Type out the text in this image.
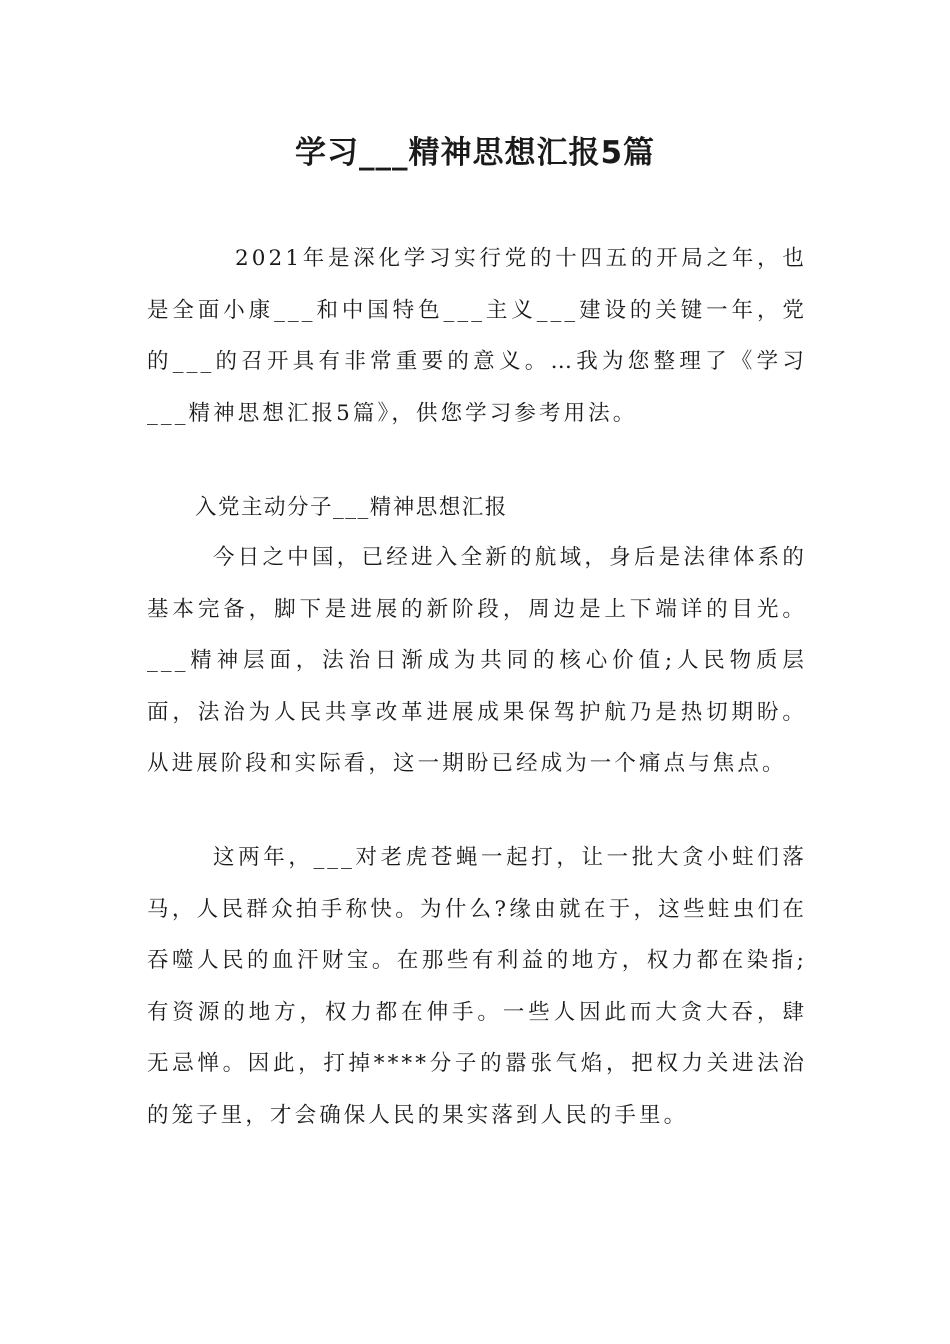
学习___精神思想汇报5篇

2021年是深化学习实行党的十四五的开局之年，也是全面小康___和中国特色___主义___建设的关键一年，党的___的召开具有非常重要的意义。…我为您整理了《学习___精神思想汇报5篇》，供您学习参考用法。

入党主动分子___精神思想汇报

今日之中国，已经进入全新的航域，身后是法律体系的基本完备，脚下是进展的新阶段，周边是上下端详的目光。___精神层面，法治日渐成为共同的核心价值;人民物质层面，法治为人民共享改革进展成果保驾护航乃是热切期盼。从进展阶段和实际看，这一期盼已经成为一个痛点与焦点。

这两年，___对老虎苍蝇一起打，让一批大贪小蛀们落马，人民群众拍手称快。为什么?缘由就在于，这些蛀虫们在吞噬人民的血汗财宝。在那些有利益的地方，权力都在染指;有资源的地方，权力都在伸手。一些人因此而大贪大吞，肆无忌惮。因此，打掉****分子的嚣张气焰，把权力关进法治的笼子里，才会确保人民的果实落到人民的手里。
